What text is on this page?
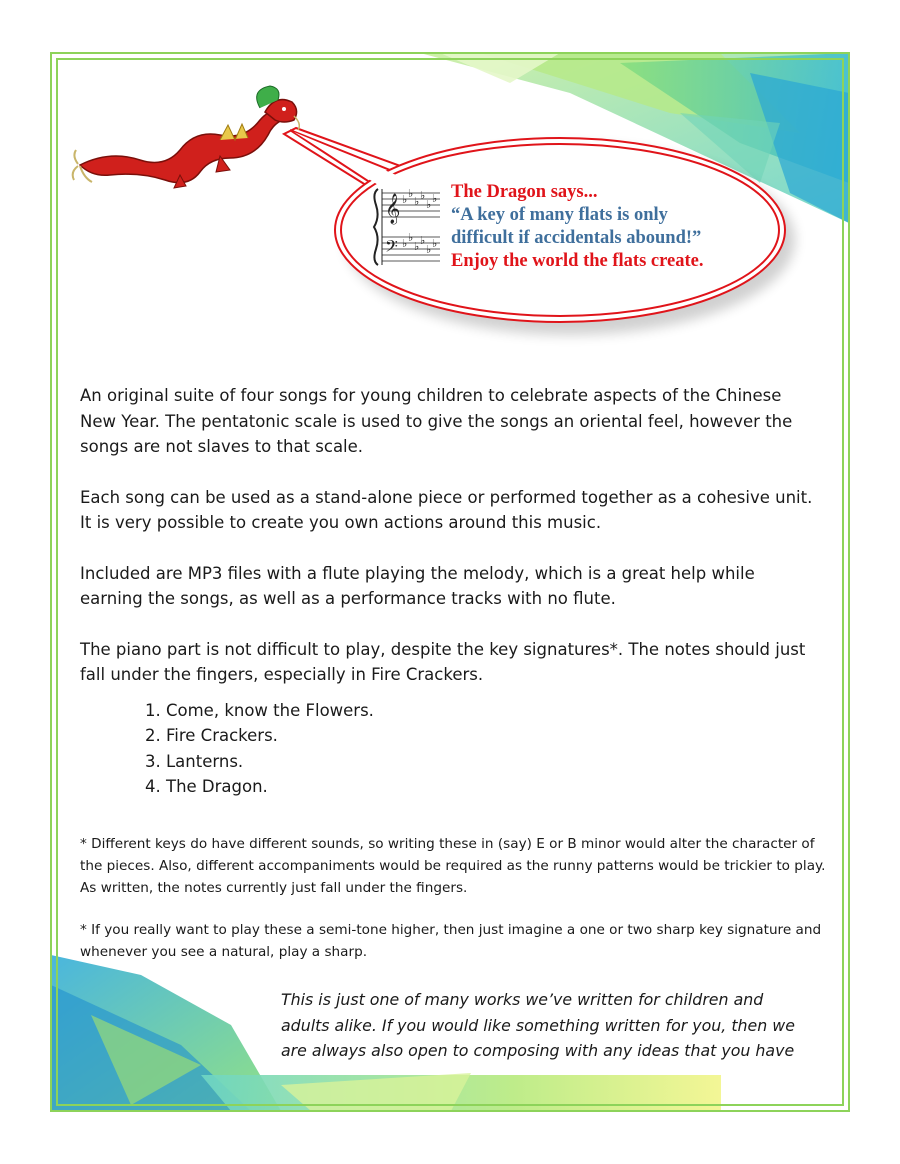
𝄞
𝄢
♭ ♭
♭ ♭
♭ ♭
♭ ♭
♭ ♭
♭ ♭
The Dragon says...
“A key of many flats is only
difficult if accidentals abound!”
Enjoy the world the flats create.

An original suite of four songs for young children to celebrate aspects of the Chinese New Year. The pentatonic scale is used to give the songs an oriental feel, however the songs are not slaves to that scale.

Each song can be used as a stand-alone piece or performed together as a cohesive unit. It is very possible to create you own actions around this music.

Included are MP3 files with a flute playing the melody, which is a great help while earning the songs, as well as a performance tracks with no flute.

The piano part is not difficult to play, despite the key signatures*. The notes should just fall under the fingers, especially in Fire Crackers.

1. Come, know the Flowers.
2. Fire Crackers.
3. Lanterns.
4. The Dragon.

* Different keys do have different sounds, so writing these in (say) E or B minor would alter the character of the pieces. Also, different accompaniments would be required as the runny patterns would be trickier to play. As written, the notes currently just fall under the fingers.

* If you really want to play these a semi-tone higher, then just imagine a one or two sharp key signature and whenever you see a natural, play a sharp.

This is just one of many works we’ve written for children and
adults alike. If you would like something written for you, then we
are always also open to composing with any ideas that you have
